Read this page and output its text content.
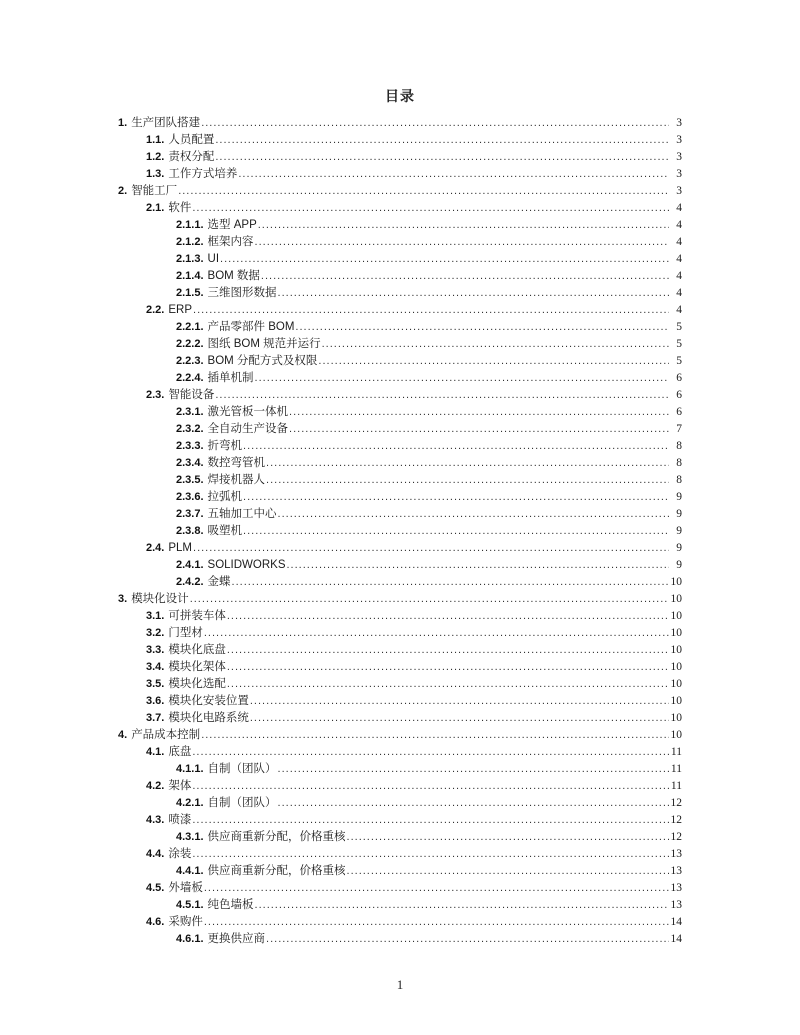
目录
1. 生产团队搭建 .....	3
1.1. 人员配置 .....	3
1.2. 责权分配 .....	3
1.3. 工作方式培养 .....	3
2. 智能工厂 .....	3
2.1. 软件 .....	4
2.1.1. 选型 APP .....	4
2.1.2. 框架内容 .....	4
2.1.3. UI .....	4
2.1.4. BOM 数据 .....	4
2.1.5. 三维图形数据 .....	4
2.2. ERP .....	4
2.2.1. 产品零部件 BOM .....	5
2.2.2. 图纸 BOM 规范并运行 .....	5
2.2.3. BOM 分配方式及权限 .....	5
2.2.4. 插单机制 .....	6
2.3. 智能设备 .....	6
2.3.1. 激光管板一体机 .....	6
2.3.2. 全自动生产设备 .....	7
2.3.3. 折弯机 .....	8
2.3.4. 数控弯管机 .....	8
2.3.5. 焊接机器人 .....	8
2.3.6. 拉弧机 .....	9
2.3.7. 五轴加工中心 .....	9
2.3.8. 吸塑机 .....	9
2.4. PLM .....	9
2.4.1. SOLIDWORKS .....	9
2.4.2. 金蝶 .....	10
3. 模块化设计 .....	10
3.1. 可拼装车体 .....	10
3.2. 门型材 .....	10
3.3. 模块化底盘 .....	10
3.4. 模块化架体 .....	10
3.5. 模块化选配 .....	10
3.6. 模块化安装位置 .....	10
3.7. 模块化电路系统 .....	10
4. 产品成本控制 .....	10
4.1. 底盘 .....	11
4.1.1. 自制（团队） .....	11
4.2. 架体 .....	11
4.2.1. 自制（团队） .....	12
4.3. 喷漆 .....	12
4.3.1. 供应商重新分配，价格重核 .....	12
4.4. 涂装 .....	13
4.4.1. 供应商重新分配，价格重核 .....	13
4.5. 外墙板 .....	13
4.5.1. 纯色墙板 .....	13
4.6. 采购件 .....	14
4.6.1. 更换供应商 .....	14
1
